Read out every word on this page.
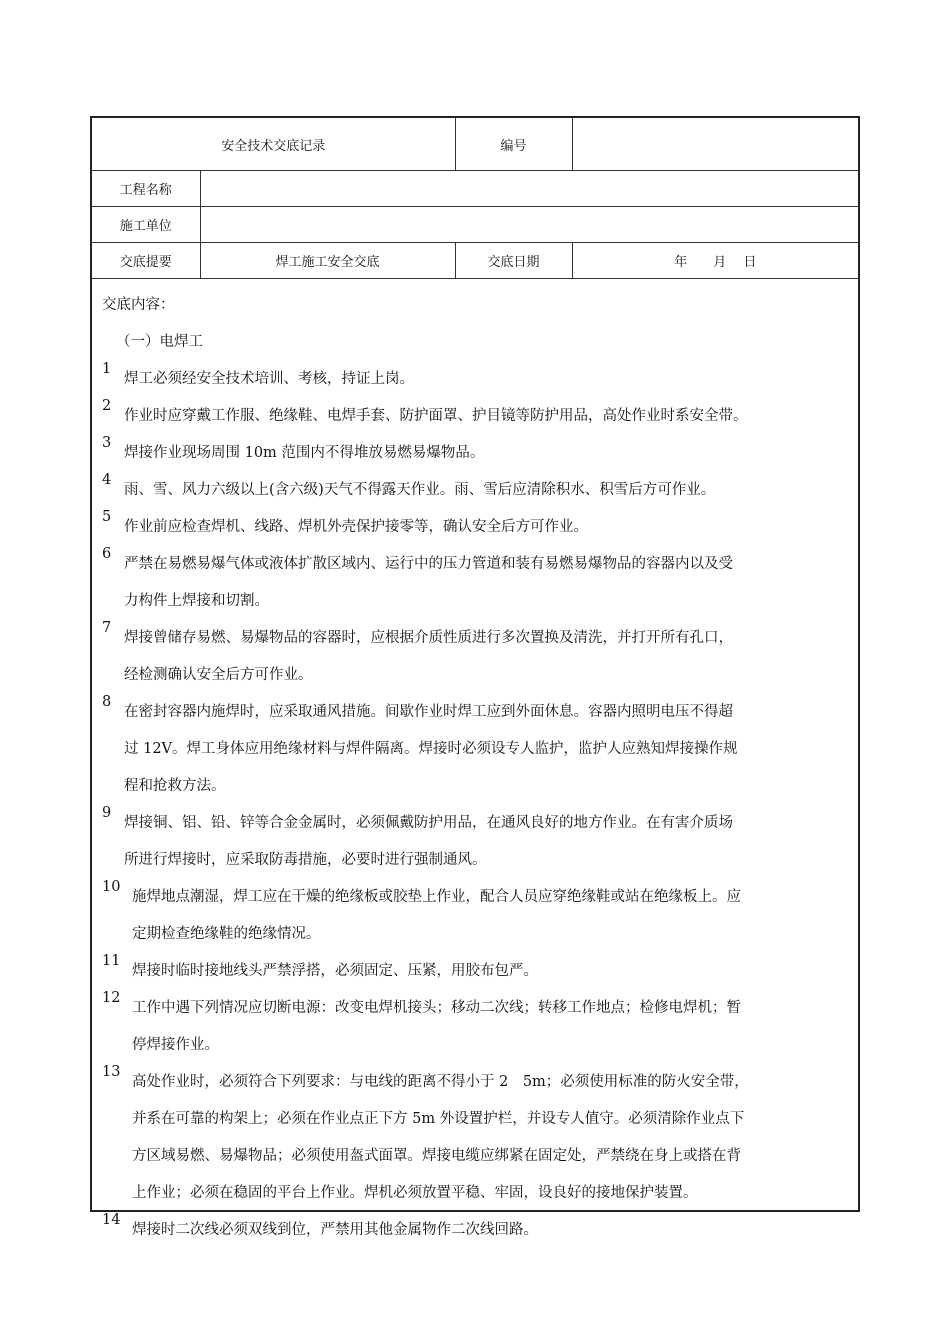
安全技术交底记录		编号	
工程名称			
施工单位			
交底提要	焊工施工安全交底	交底日期	年　　月　 日
交底内容：
（一）电焊工
1
焊工必须经安全技术培训、考核，持证上岗。
2
作业时应穿戴工作服、绝缘鞋、电焊手套、防护面罩、护目镜等防护用品，高处作业时系安全带。
3
焊接作业现场周围 10m 范围内不得堆放易燃易爆物品。
4
雨、雪、风力六级以上(含六级)天气不得露天作业。雨、雪后应清除积水、积雪后方可作业。
5
作业前应检查焊机、线路、焊机外壳保护接零等，确认安全后方可作业。
6
严禁在易燃易爆气体或液体扩散区域内、运行中的压力管道和装有易燃易爆物品的容器内以及受
力构件上焊接和切割。
7
焊接曾储存易燃、易爆物品的容器时，应根据介质性质进行多次置换及清洗，并打开所有孔口，
经检测确认安全后方可作业。
8
在密封容器内施焊时，应采取通风措施。间歇作业时焊工应到外面休息。容器内照明电压不得超
过 12V。焊工身体应用绝缘材料与焊件隔离。焊接时必须设专人监护，监护人应熟知焊接操作规
程和抢救方法。
9
焊接铜、铝、铅、锌等合金金属时，必须佩戴防护用品，在通风良好的地方作业。在有害介质场
所进行焊接时，应采取防毒措施，必要时进行强制通风。
10
施焊地点潮湿，焊工应在干燥的绝缘板或胶垫上作业，配合人员应穿绝缘鞋或站在绝缘板上。应
定期检查绝缘鞋的绝缘情况。
11
焊接时临时接地线头严禁浮搭，必须固定、压紧，用胶布包严。
12
工作中遇下列情况应切断电源：改变电焊机接头；移动二次线；转移工作地点；检修电焊机；暂
停焊接作业。
13
高处作业时，必须符合下列要求：与电线的距离不得小于 2　5m；必须使用标准的防火安全带，
并系在可靠的构架上；必须在作业点正下方 5m 外设置护栏，并设专人值守。必须清除作业点下
方区域易燃、易爆物品；必须使用盔式面罩。焊接电缆应绑紧在固定处，严禁绕在身上或搭在背
上作业；必须在稳固的平台上作业。焊机必须放置平稳、牢固，设良好的接地保护装置。
14
焊接时二次线必须双线到位，严禁用其他金属物作二次线回路。
